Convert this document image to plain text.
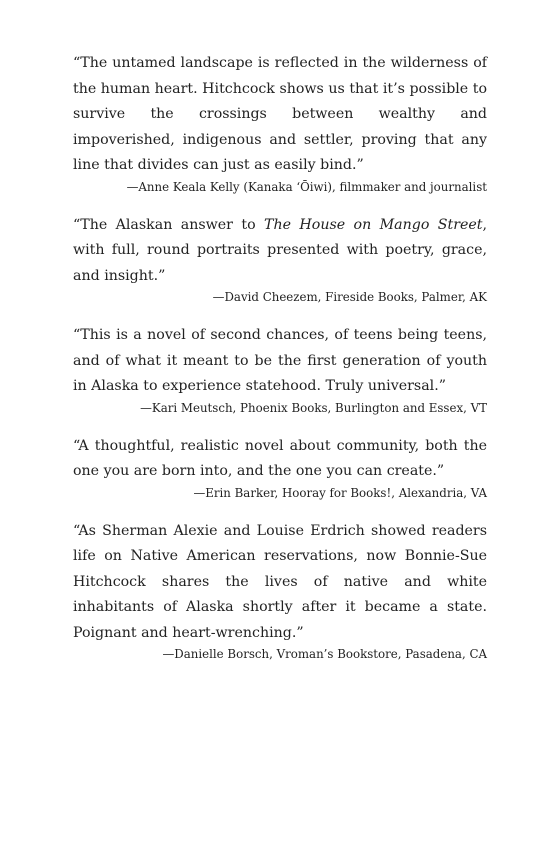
“The untamed landscape is reflected in the wilderness of the human heart. Hitchcock shows us that it’s possible to survive the crossings between wealthy and impoverished, indigenous and settler, proving that any line that divides can just as easily bind.”

—Anne Keala Kelly (Kanaka ʻŌiwi), filmmaker and journalist

“The Alaskan answer to The House on Mango Street, with full, round portraits presented with poetry, grace, and insight.”

—David Cheezem, Fireside Books, Palmer, AK

“This is a novel of second chances, of teens being teens, and of what it meant to be the first generation of youth in Alaska to experience statehood. Truly universal.”

—Kari Meutsch, Phoenix Books, Burlington and Essex, VT

“A thoughtful, realistic novel about community, both the one you are born into, and the one you can create.”

—Erin Barker, Hooray for Books!, Alexandria, VA

“As Sherman Alexie and Louise Erdrich showed readers life on Native American reservations, now Bonnie-Sue Hitchcock shares the lives of native and white inhabitants of Alaska shortly after it became a state. Poignant and heart-wrenching.”

—Danielle Borsch, Vroman’s Bookstore, Pasadena, CA
